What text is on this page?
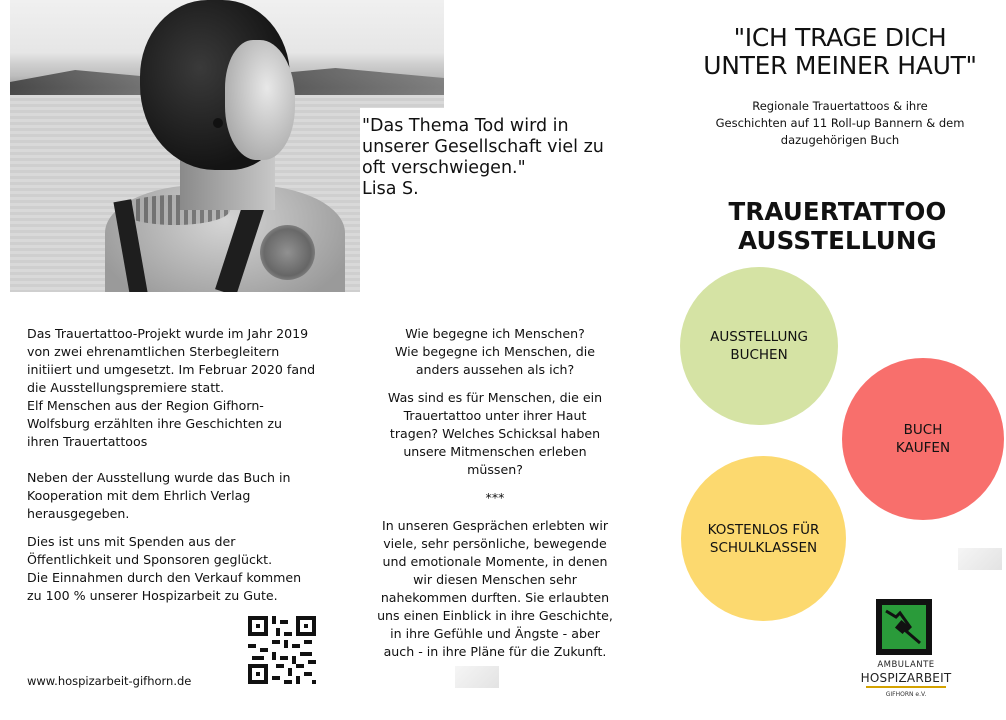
"Das Thema Tod wird in
unserer Gesellschaft viel zu
oft verschwiegen."
Lisa S.
"ICH TRAGE DICH
UNTER MEINER HAUT"
Regionale Trauertattoos & ihre
Geschichten auf 11 Roll-up Bannern & dem
dazugehörigen Buch
TRAUERTATTOO
AUSSTELLUNG
AUSSTELLUNG
BUCHEN
BUCH
KAUFEN
KOSTENLOS FÜR
SCHULKLASSEN

Das Trauertattoo-Projekt wurde im Jahr 2019
von zwei ehrenamtlichen Sterbegleitern
initiiert und umgesetzt. Im Februar 2020 fand
die Ausstellungspremiere statt.
Elf Menschen aus der Region Gifhorn-
Wolfsburg erzählten ihre Geschichten zu
ihren Trauertattoos

Neben der Ausstellung wurde das Buch in
Kooperation mit dem Ehrlich Verlag
herausgegeben.

Dies ist uns mit Spenden aus der
Öffentlichkeit und Sponsoren geglückt.
Die Einnahmen durch den Verkauf kommen
zu 100 % unserer Hospizarbeit zu Gute.

Wie begegne ich Menschen?
Wie begegne ich Menschen, die
anders aussehen als ich?

Was sind es für Menschen, die ein
Trauertattoo unter ihrer Haut
tragen? Welches Schicksal haben
unsere Mitmenschen erleben
müssen?

***

In unseren Gesprächen erlebten wir
viele, sehr persönliche, bewegende
und emotionale Momente, in denen
wir diesen Menschen sehr
nahekommen durften. Sie erlaubten
uns einen Einblick in ihre Geschichte,
in ihre Gefühle und Ängste - aber
auch - in ihre Pläne für die Zukunft.

www.hospizarbeit-gifhorn.de
AMBULANTE
HOSPIZARBEIT
GIFHORN e.V.
